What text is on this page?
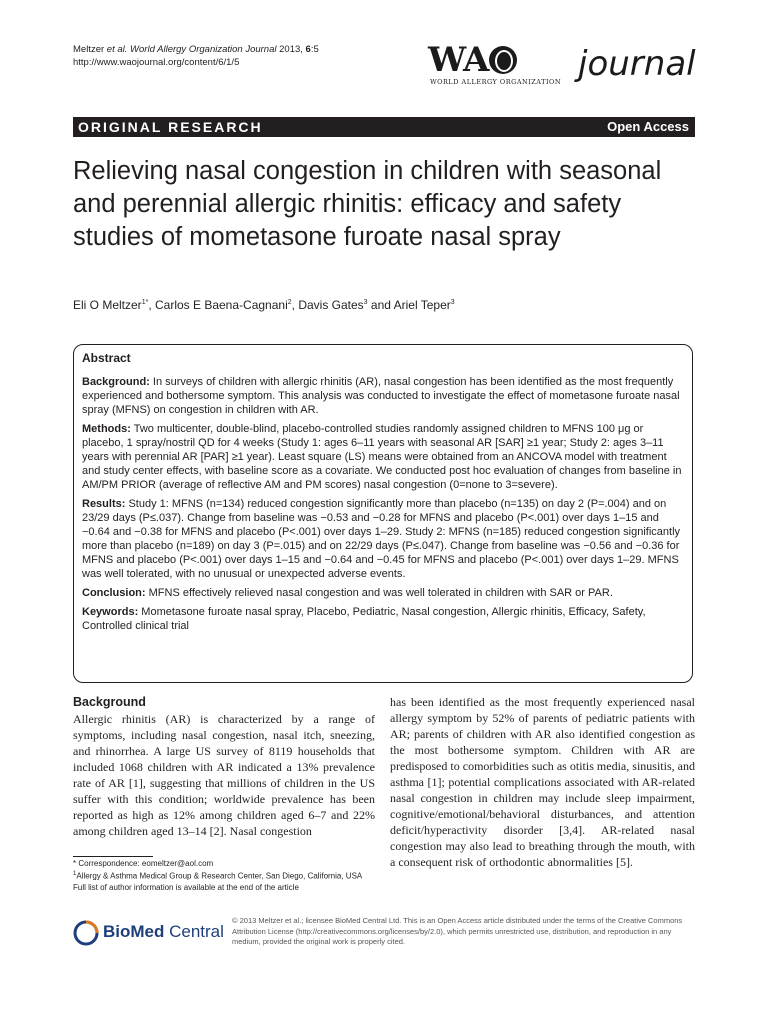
Meltzer et al. World Allergy Organization Journal 2013, 6:5
http://www.waojournal.org/content/6/1/5	WA
WORLD ALLERGY ORGANIZATION journal
ORIGINAL RESEARCH	Open Access
Relieving nasal congestion in children with seasonal and perennial allergic rhinitis: efficacy and safety studies of mometasone furoate nasal spray
Eli O Meltzer$^{1*}$, Carlos E Baena-Cagnani$^2$, Davis Gates$^3$ and Ariel Teper$^3$
Abstract

Background: In surveys of children with allergic rhinitis (AR), nasal congestion has been identified as the most frequently experienced and bothersome symptom. This analysis was conducted to investigate the effect of mometasone furoate nasal spray (MFNS) on congestion in children with AR.

Methods: Two multicenter, double-blind, placebo-controlled studies randomly assigned children to MFNS 100 μg or placebo, 1 spray/nostril QD for 4 weeks (Study 1: ages 6–11 years with seasonal AR [SAR] ≥1 year; Study 2: ages 3–11 years with perennial AR [PAR] ≥1 year). Least square (LS) means were obtained from an ANCOVA model with treatment and study center effects, with baseline score as a covariate. We conducted post hoc evaluation of changes from baseline in AM/PM PRIOR (average of reflective AM and PM scores) nasal congestion (0=none to 3=severe).

Results: Study 1: MFNS (n=134) reduced congestion significantly more than placebo (n=135) on day 2 (P=.004) and on 23/29 days (P≤.037). Change from baseline was −0.53 and −0.28 for MFNS and placebo (P<.001) over days 1–15 and −0.64 and −0.38 for MFNS and placebo (P<.001) over days 1–29. Study 2: MFNS (n=185) reduced congestion significantly more than placebo (n=189) on day 3 (P=.015) and on 22/29 days (P≤.047). Change from baseline was −0.56 and −0.36 for MFNS and placebo (P<.001) over days 1–15 and −0.64 and −0.45 for MFNS and placebo (P<.001) over days 1–29. MFNS was well tolerated, with no unusual or unexpected adverse events.

Conclusion: MFNS effectively relieved nasal congestion and was well tolerated in children with SAR or PAR.

Keywords: Mometasone furoate nasal spray, Placebo, Pediatric, Nasal congestion, Allergic rhinitis, Efficacy, Safety, Controlled clinical trial

Background
Allergic rhinitis (AR) is characterized by a range of symptoms, including nasal congestion, nasal itch, sneezing, and rhinorrhea. A large US survey of 8119 households that included 1068 children with AR indicated a 13% prevalence rate of AR [1], suggesting that millions of children in the US suffer with this condition; worldwide prevalence has been reported as high as 12% among children aged 6–7 and 22% among children aged 13–14 [2]. Nasal congestion
has been identified as the most frequently experienced nasal allergy symptom by 52% of parents of pediatric patients with AR; parents of children with AR also identified congestion as the most bothersome symptom. Children with AR are predisposed to comorbidities such as otitis media, sinusitis, and asthma [1]; potential complications associated with AR-related nasal congestion in children may include sleep impairment, cognitive/emotional/behavioral disturbances, and attention deficit/hyperactivity disorder [3,4]. AR-related nasal congestion may also lead to breathing through the mouth, with a consequent risk of orthodontic abnormalities [5].
* Correspondence: eomeltzer@aol.com
$^1$Allergy & Asthma Medical Group & Research Center, San Diego, California, USA
Full list of author information is available at the end of the article
BioMed Central
© 2013 Meltzer et al.; licensee BioMed Central Ltd. This is an Open Access article distributed under the terms of the Creative Commons Attribution License (http://creativecommons.org/licenses/by/2.0), which permits unrestricted use, distribution, and reproduction in any medium, provided the original work is properly cited.
